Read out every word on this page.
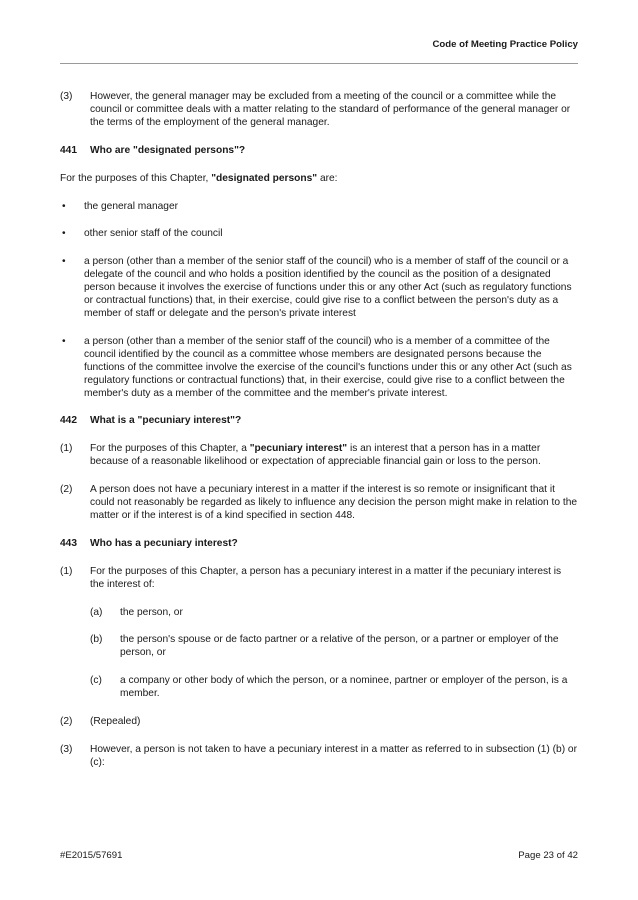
Code of Meeting Practice Policy
(3)	However, the general manager may be excluded from a meeting of the council or a committee while the council or committee deals with a matter relating to the standard of performance of the general manager or the terms of the employment of the general manager.
441	Who are "designated persons"?

For the purposes of this Chapter, "designated persons" are:

•	the general manager
•	other senior staff of the council
•	a person (other than a member of the senior staff of the council) who is a member of staff of the council or a delegate of the council and who holds a position identified by the council as the position of a designated person because it involves the exercise of functions under this or any other Act (such as regulatory functions or contractual functions) that, in their exercise, could give rise to a conflict between the person's duty as a member of staff or delegate and the person's private interest
•	a person (other than a member of the senior staff of the council) who is a member of a committee of the council identified by the council as a committee whose members are designated persons because the functions of the committee involve the exercise of the council's functions under this or any other Act (such as regulatory functions or contractual functions) that, in their exercise, could give rise to a conflict between the member's duty as a member of the committee and the member's private interest.
442	What is a "pecuniary interest"?
(1)	For the purposes of this Chapter, a "pecuniary interest" is an interest that a person has in a matter because of a reasonable likelihood or expectation of appreciable financial gain or loss to the person.
(2)	A person does not have a pecuniary interest in a matter if the interest is so remote or insignificant that it could not reasonably be regarded as likely to influence any decision the person might make in relation to the matter or if the interest is of a kind specified in section 448.
443	Who has a pecuniary interest?
(1)	For the purposes of this Chapter, a person has a pecuniary interest in a matter if the pecuniary interest is the interest of:
(a)	the person, or
(b)	the person's spouse or de facto partner or a relative of the person, or a partner or employer of the person, or
(c)	a company or other body of which the person, or a nominee, partner or employer of the person, is a member.
(2)	(Repealed)
(3)	However, a person is not taken to have a pecuniary interest in a matter as referred to in subsection (1) (b) or (c):
#E2015/57691	Page 23 of 42
